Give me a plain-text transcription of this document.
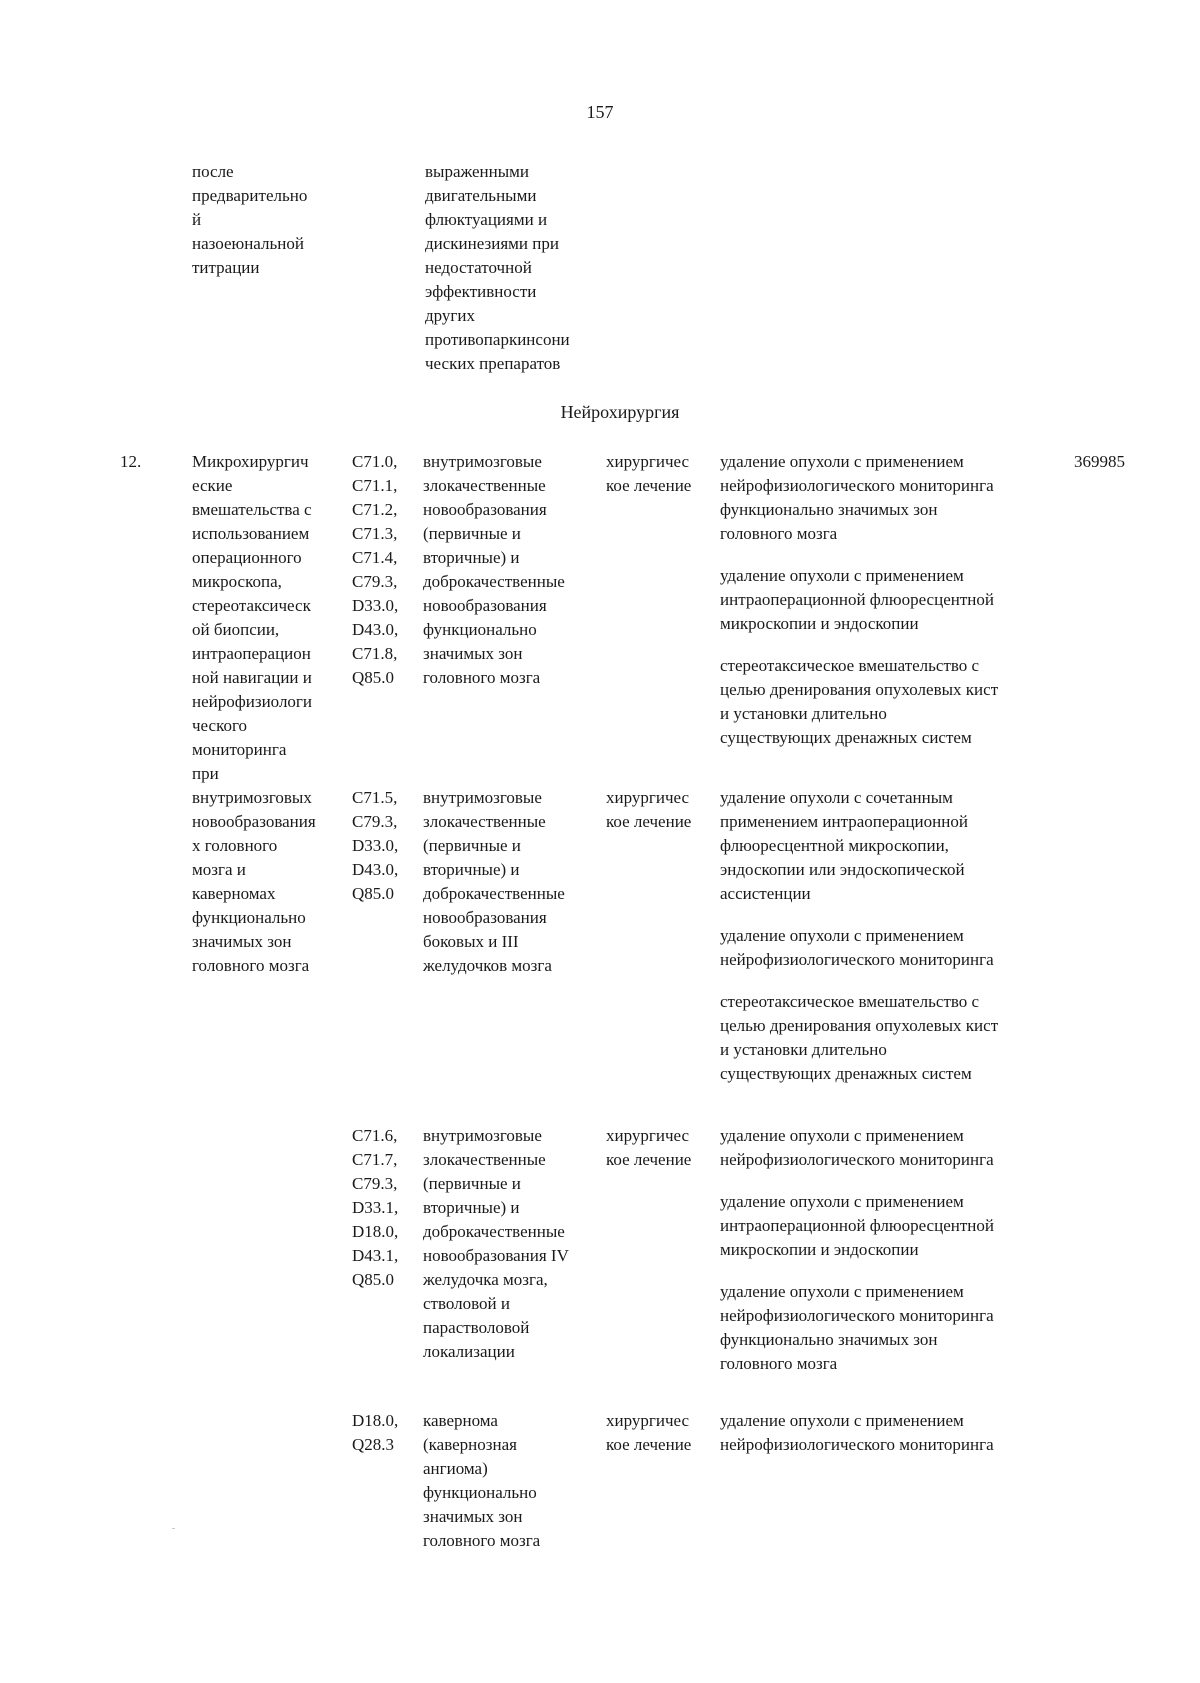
157
после
предварительно
й
назоеюнальной
титрации
выраженными
двигательными
флюктуациями и
дискинезиями при
недостаточной
эффективности
других
противопаркинсони
ческих препаратов
Нейрохирургия
12.	Микрохирургич
еские
вмешательства с
использованием
операционного
микроскопа,
стереотаксическ
ой биопсии,
интраоперацион
ной навигации и
нейрофизиологи
ческого
мониторинга
при
внутримозговых
новообразования
х головного
мозга и
каверномах
функционально
значимых зон
головного мозга
369985
C71.0,
C71.1,
C71.2,
C71.3,
C71.4,
C79.3,
D33.0,
D43.0,
C71.8,
Q85.0
внутримозговые
злокачественные
новообразования
(первичные и
вторичные) и
доброкачественные
новообразования
функционально
значимых зон
головного мозга
хирургичес
кое лечение
удаление опухоли с применением
нейрофизиологического мониторинга
функционально значимых зон
головного мозга
удаление опухоли с применением
интраоперационной флюоресцентной
микроскопии и эндоскопии
стереотаксическое вмешательство с
целью дренирования опухолевых кист
и установки длительно
существующих дренажных систем
C71.5,
C79.3,
D33.0,
D43.0,
Q85.0
внутримозговые
злокачественные
(первичные и
вторичные) и
доброкачественные
новообразования
боковых и III
желудочков мозга
хирургичес
кое лечение
удаление опухоли с сочетанным
применением интраоперационной
флюоресцентной микроскопии,
эндоскопии или эндоскопической
ассистенции
удаление опухоли с применением
нейрофизиологического мониторинга
стереотаксическое вмешательство с
целью дренирования опухолевых кист
и установки длительно
существующих дренажных систем
C71.6,
C71.7,
C79.3,
D33.1,
D18.0,
D43.1,
Q85.0
внутримозговые
злокачественные
(первичные и
вторичные) и
доброкачественные
новообразования IV
желудочка мозга,
стволовой и
парастволовой
локализации
хирургичес
кое лечение
удаление опухоли с применением
нейрофизиологического мониторинга
удаление опухоли с применением
интраоперационной флюоресцентной
микроскопии и эндоскопии
удаление опухоли с применением
нейрофизиологического мониторинга
функционально значимых зон
головного мозга
D18.0,
Q28.3
кавернома
(кавернозная
ангиома)
функционально
значимых зон
головного мозга
хирургичес
кое лечение
удаление опухоли с применением
нейрофизиологического мониторинга
